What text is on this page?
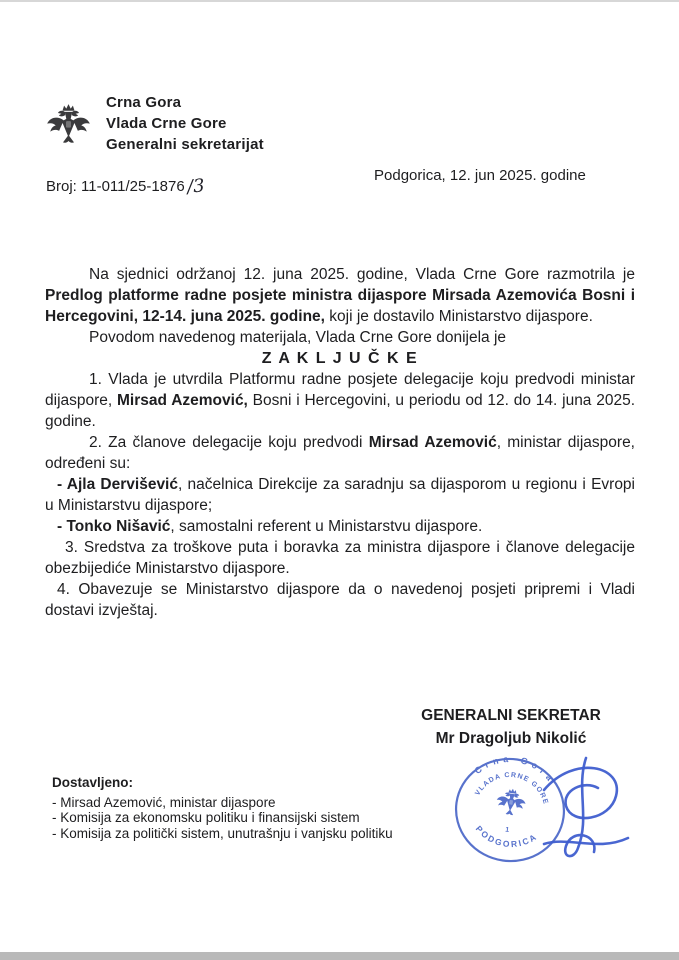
Crna Gora
Vlada Crne Gore
Generalni sekretarijat
Broj: 11-011/25-1876/3	Podgorica, 12. jun 2025. godine

Na sjednici održanoj 12. juna 2025. godine, Vlada Crne Gore razmotrila je Predlog platforme radne posjete ministra dijaspore Mirsada Azemovića Bosni i Hercegovini, 12-14. juna 2025. godine, koji je dostavilo Ministarstvo dijaspore.

Povodom navedenog materijala, Vlada Crne Gore donijela je

Z A K L J U Č K E

1. Vlada je utvrdila Platformu radne posjete delegacije koju predvodi ministar dijaspore, Mirsad Azemović, Bosni i Hercegovini, u periodu od 12. do 14. juna 2025. godine.

2. Za članove delegacije koju predvodi Mirsad Azemović, ministar dijaspore, određeni su:

- Ajla Dervišević, načelnica Direkcije za saradnju sa dijasporom u regionu i Evropi u Ministarstvu dijaspore;

- Tonko Nišavić, samostalni referent u Ministarstvu dijaspore.

3. Sredstva za troškove puta i boravka za ministra dijaspore i članove delegacije obezbijediće Ministarstvo dijaspore.

4. Obavezuje se Ministarstvo dijaspore da o navedenoj posjeti pripremi i Vladi dostavi izvještaj.

GENERALNI SEKRETAR
Mr Dragoljub Nikolić
Dostavljeno:
- Mirsad Azemović, ministar dijaspore
- Komisija za ekonomsku politiku i finansijski sistem
- Komisija za politički sistem, unutrašnju i vanjsku politiku
Crna Gora
VLADA CRNE GORE
PODGORICA
1
